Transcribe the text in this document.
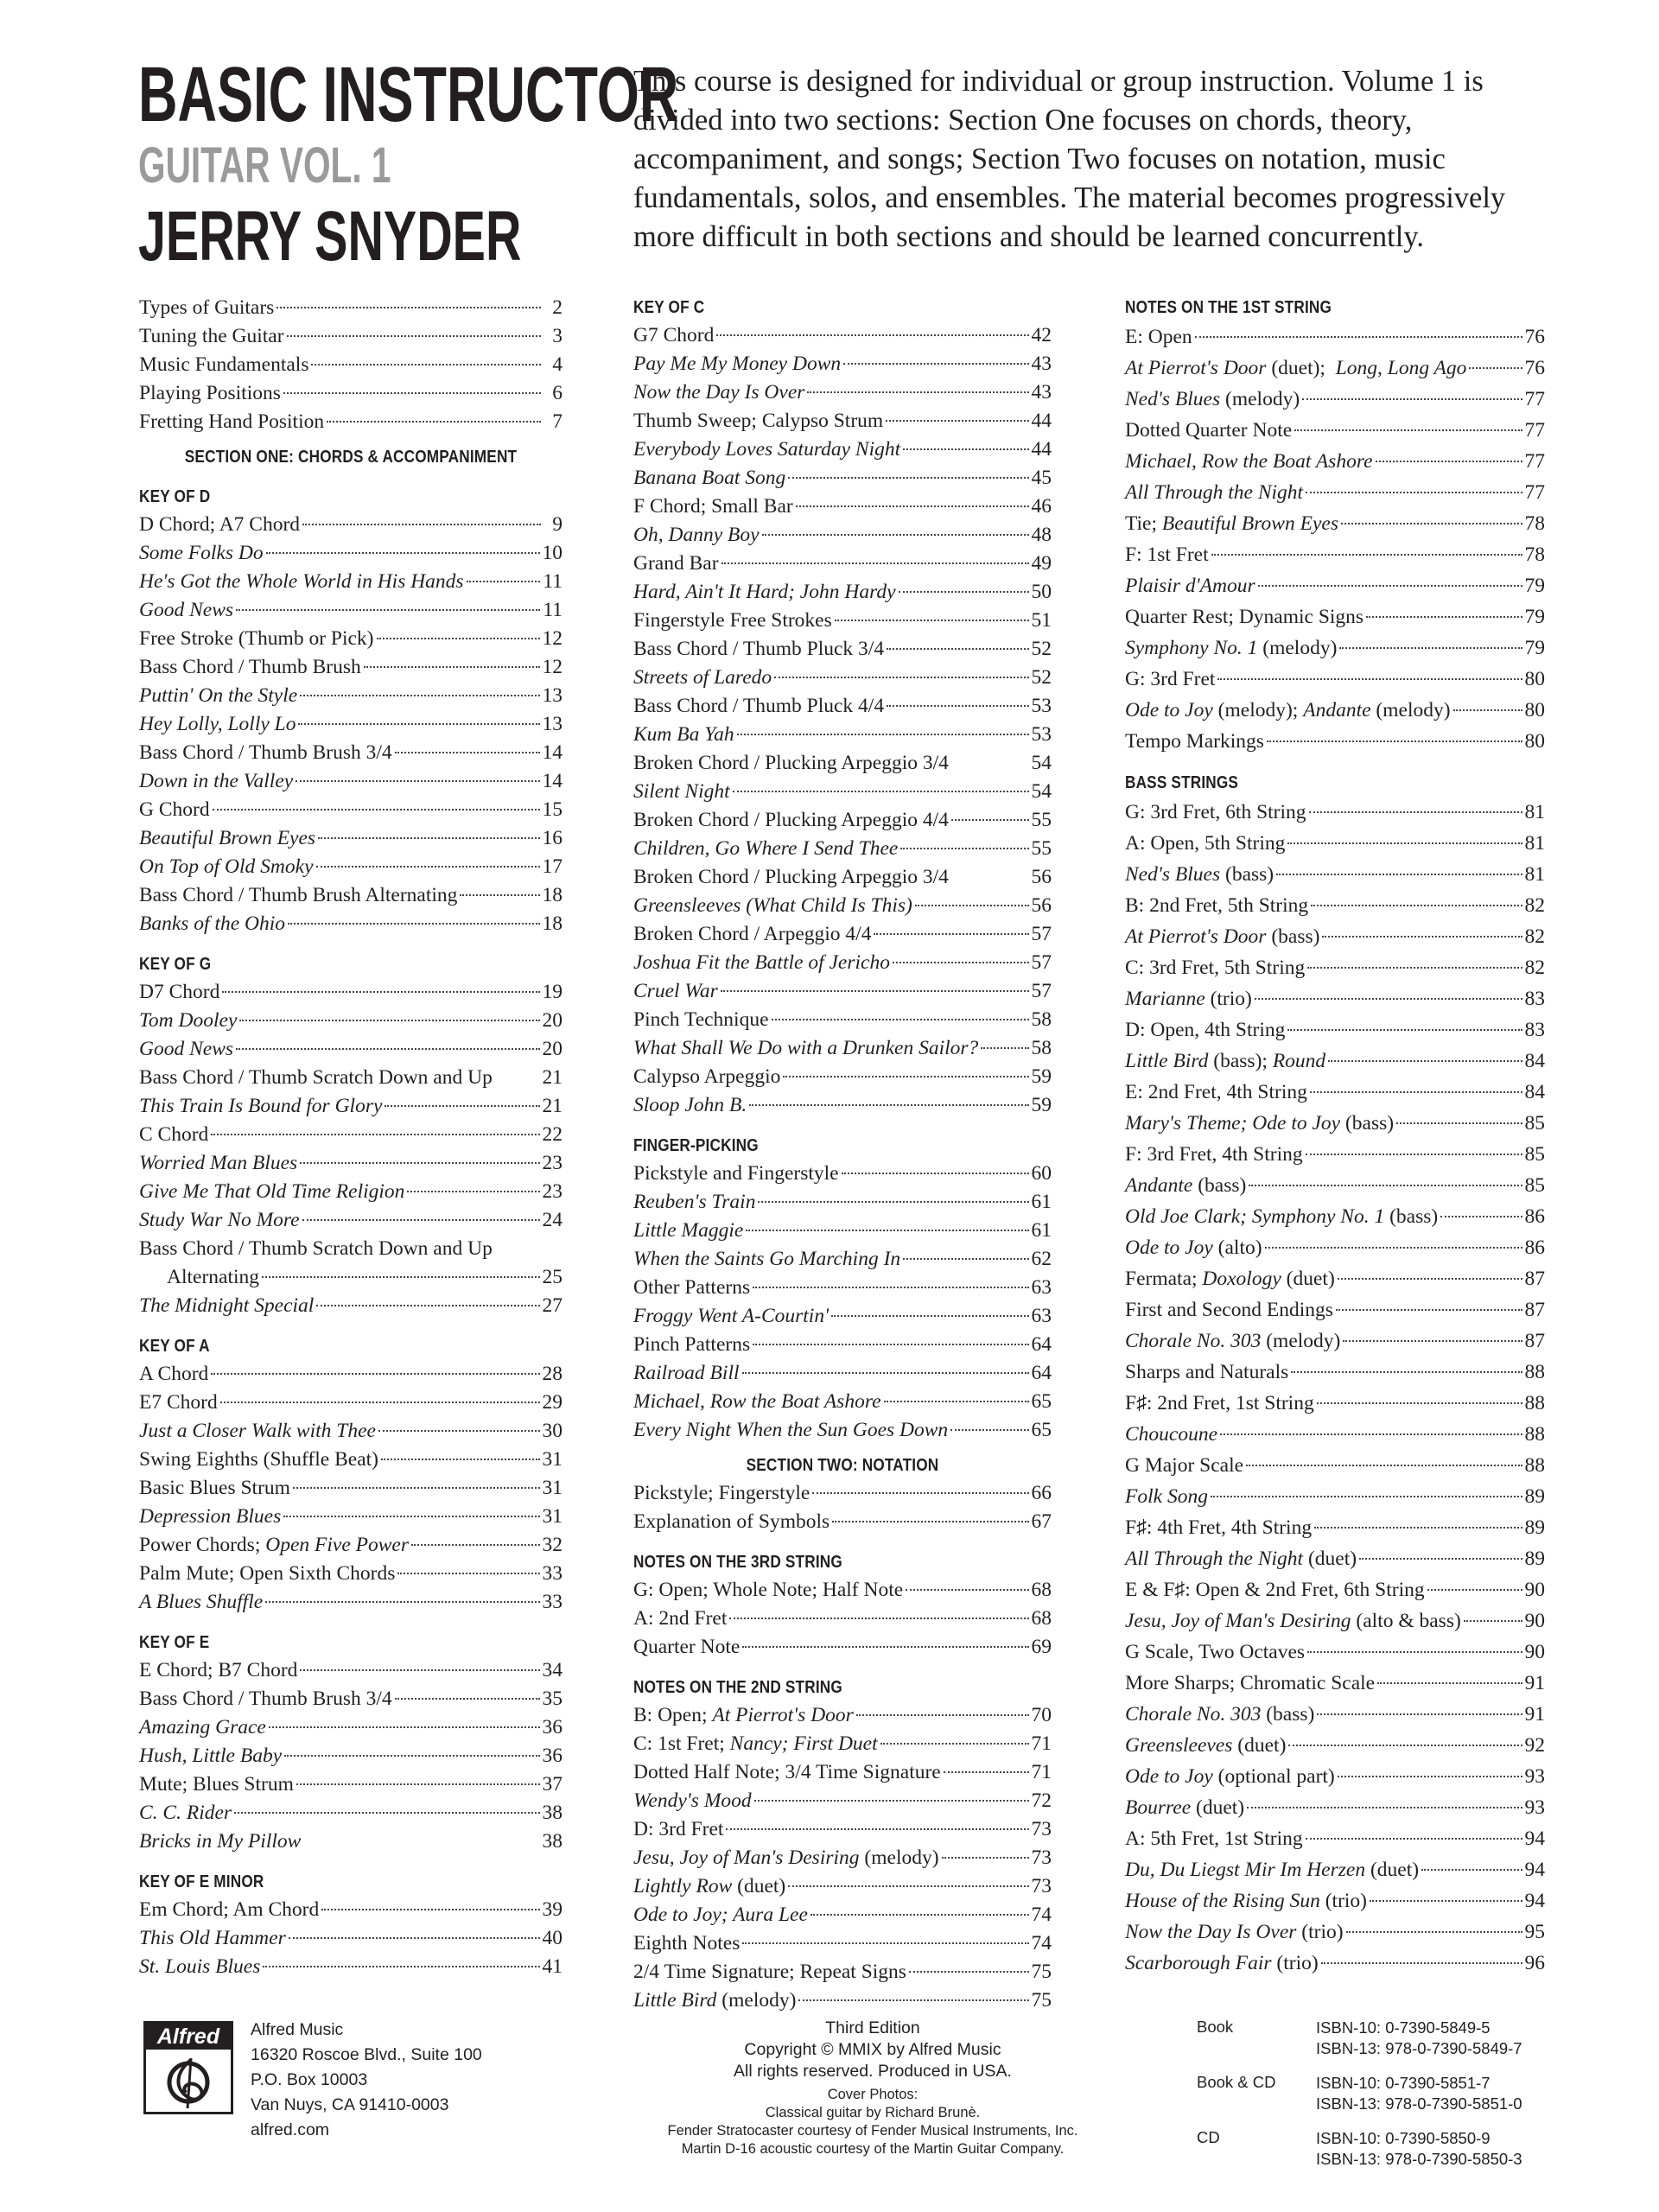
BASIC INSTRUCTOR
GUITAR VOL. 1
JERRY SNYDER
This course is designed for individual or group instruction. Volume 1 is divided into two sections: Section One focuses on chords, theory, accompaniment, and songs; Section Two focuses on notation, music fundamentals, solos, and ensembles. The material becomes progressively more difficult in both sections and should be learned concurrently.
Types of Guitars	2
Tuning the Guitar	3
Music Fundamentals	4
Playing Positions	6
Fretting Hand Position	7
SECTION ONE: CHORDS & ACCOMPANIMENT
KEY OF D
D Chord; A7 Chord	9
Some Folks Do	10
He's Got the Whole World in His Hands	11
Good News	11
Free Stroke (Thumb or Pick)	12
Bass Chord / Thumb Brush	12
Puttin' On the Style	13
Hey Lolly, Lolly Lo	13
Bass Chord / Thumb Brush 3/4	14
Down in the Valley	14
G Chord	15
Beautiful Brown Eyes	16
On Top of Old Smoky	17
Bass Chord / Thumb Brush Alternating	18
Banks of the Ohio	18
KEY OF G
D7 Chord	19
Tom Dooley	20
Good News	20
Bass Chord / Thumb Scratch Down and Up 21
This Train Is Bound for Glory	21
C Chord	22
Worried Man Blues	23
Give Me That Old Time Religion	23
Study War No More	24
Bass Chord / Thumb Scratch Down and Up
Alternating	25
The Midnight Special	27
KEY OF A
A Chord	28
E7 Chord	29
Just a Closer Walk with Thee	30
Swing Eighths (Shuffle Beat)	31
Basic Blues Strum	31
Depression Blues	31
Power Chords; Open Five Power	32
Palm Mute; Open Sixth Chords	33
A Blues Shuffle	33
KEY OF E
E Chord; B7 Chord	34
Bass Chord / Thumb Brush 3/4	35
Amazing Grace	36
Hush, Little Baby	36
Mute; Blues Strum	37
C. C. Rider	38
Bricks in My Pillow	38
KEY OF E MINOR
Em Chord; Am Chord	39
This Old Hammer	40
St. Louis Blues	41
KEY OF C
G7 Chord	42
Pay Me My Money Down	43
Now the Day Is Over	43
Thumb Sweep; Calypso Strum	44
Everybody Loves Saturday Night	44
Banana Boat Song	45
F Chord; Small Bar	46
Oh, Danny Boy	48
Grand Bar	49
Hard, Ain't It Hard; John Hardy	50
Fingerstyle Free Strokes	51
Bass Chord / Thumb Pluck 3/4	52
Streets of Laredo	52
Bass Chord / Thumb Pluck 4/4	53
Kum Ba Yah	53
Broken Chord / Plucking Arpeggio 3/4	54
Silent Night	54
Broken Chord / Plucking Arpeggio 4/4	55
Children, Go Where I Send Thee	55
Broken Chord / Plucking Arpeggio 3/4	56
Greensleeves (What Child Is This)	56
Broken Chord / Arpeggio 4/4	57
Joshua Fit the Battle of Jericho	57
Cruel War	57
Pinch Technique	58
What Shall We Do with a Drunken Sailor?	58
Calypso Arpeggio	59
Sloop John B.	59
FINGER-PICKING
Pickstyle and Fingerstyle	60
Reuben's Train	61
Little Maggie	61
When the Saints Go Marching In	62
Other Patterns	63
Froggy Went A-Courtin'	63
Pinch Patterns	64
Railroad Bill	64
Michael, Row the Boat Ashore	65
Every Night When the Sun Goes Down	65
SECTION TWO: NOTATION
Pickstyle; Fingerstyle	66
Explanation of Symbols	67
NOTES ON THE 3RD STRING
G: Open; Whole Note; Half Note	68
A: 2nd Fret	68
Quarter Note	69
NOTES ON THE 2ND STRING
B: Open; At Pierrot's Door	70
C: 1st Fret; Nancy; First Duet	71
Dotted Half Note; 3/4 Time Signature	71
Wendy's Mood	72
D: 3rd Fret	73
Jesu, Joy of Man's Desiring (melody)	73
Lightly Row (duet)	73
Ode to Joy; Aura Lee	74
Eighth Notes	74
2/4 Time Signature; Repeat Signs	75
Little Bird (melody)	75
NOTES ON THE 1ST STRING
E: Open	76
At Pierrot's Door (duet);  Long, Long Ago	76
Ned's Blues (melody)	77
Dotted Quarter Note	77
Michael, Row the Boat Ashore	77
All Through the Night	77
Tie; Beautiful Brown Eyes	78
F: 1st Fret	78
Plaisir d'Amour	79
Quarter Rest; Dynamic Signs	79
Symphony No. 1 (melody)	79
G: 3rd Fret	80
Ode to Joy (melody); Andante (melody)	80
Tempo Markings	80
BASS STRINGS
G: 3rd Fret, 6th String	81
A: Open, 5th String	81
Ned's Blues (bass)	81
B: 2nd Fret, 5th String	82
At Pierrot's Door (bass)	82
C: 3rd Fret, 5th String	82
Marianne (trio)	83
D: Open, 4th String	83
Little Bird (bass); Round	84
E: 2nd Fret, 4th String	84
Mary's Theme; Ode to Joy (bass)	85
F: 3rd Fret, 4th String	85
Andante (bass)	85
Old Joe Clark; Symphony No. 1 (bass)	86
Ode to Joy (alto)	86
Fermata; Doxology (duet)	87
First and Second Endings	87
Chorale No. 303 (melody)	87
Sharps and Naturals	88
F♯: 2nd Fret, 1st String	88
Choucoune	88
G Major Scale	88
Folk Song	89
F♯: 4th Fret, 4th String	89
All Through the Night (duet)	89
E & F♯: Open & 2nd Fret, 6th String	90
Jesu, Joy of Man's Desiring (alto & bass)	90
G Scale, Two Octaves	90
More Sharps; Chromatic Scale	91
Chorale No. 303 (bass)	91
Greensleeves (duet)	92
Ode to Joy (optional part)	93
Bourree (duet)	93
A: 5th Fret, 1st String	94
Du, Du Liegst Mir Im Herzen (duet)	94
House of the Rising Sun (trio)	94
Now the Day Is Over (trio)	95
Scarborough Fair (trio)	96
Alfred	Alfred Music
16320 Roscoe Blvd., Suite 100
P.O. Box 10003
Van Nuys, CA 91410-0003
alfred.com
Third Edition
Copyright © MMIX by Alfred Music
All rights reserved. Produced in USA.
Cover Photos:
Classical guitar by Richard Brunè.
Fender Stratocaster courtesy of Fender Musical Instruments, Inc.
Martin D-16 acoustic courtesy of the Martin Guitar Company.
Book	ISBN-10: 0-7390-5849-5
ISBN-13: 978-0-7390-5849-7
Book & CD	ISBN-10: 0-7390-5851-7
ISBN-13: 978-0-7390-5851-0
CD	ISBN-10: 0-7390-5850-9
ISBN-13: 978-0-7390-5850-3
